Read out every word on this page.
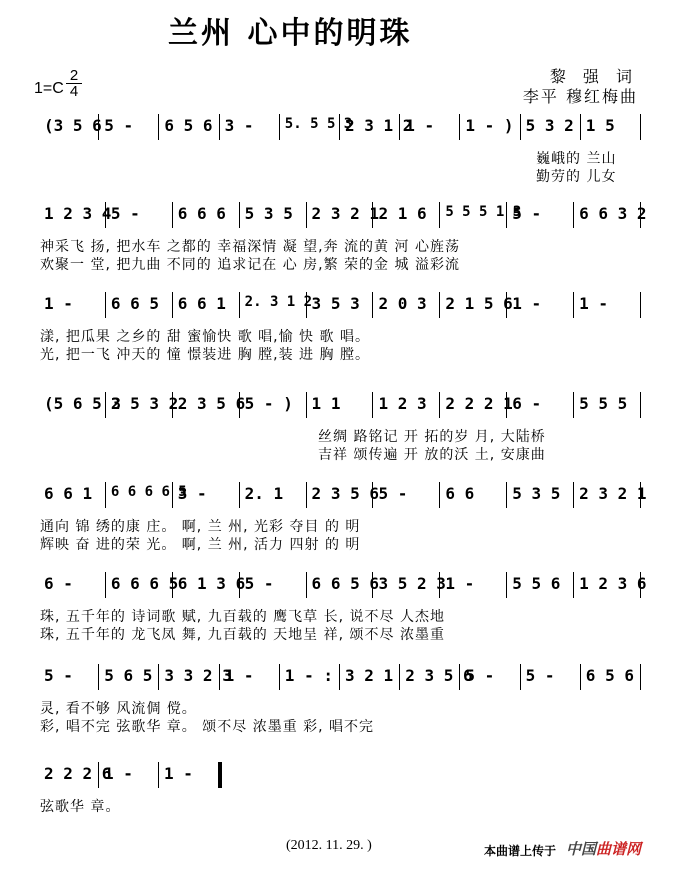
兰州 心中的明珠
1=C
2
4
黎 强 词
李平 穆红梅曲
(3 5 6 5 -	6 5 6 3 -	5. 5 5 3
2 3 1 2
1 -	1 - ) 5 3 2 1 5
巍峨的 兰山
勤劳的 儿女
1 2 3 4 5 -	6 6 6	5 3 5	2 3 2 1 2 1 6	5 5 5 1 3
5 -	6 6 3 2
神采飞 扬, 把水车 之都的 幸福深情 凝 望,奔 流的黄 河 心旌荡
欢聚一 堂, 把九曲 不同的 追求记在 心 房,繁 荣的金 城 溢彩流
1 -	6 6 5	6 6 1	2. 3 1 2 3 5 3	2 0 3	2 1 5 6 1 -	1 -
漾, 把瓜果 之乡的 甜 蜜愉快 歌 唱,愉 快 歌 唱。
光, 把一飞 冲天的 憧 憬装进 胸 膛,装 进 胸 膛。
(5 6 5 3
2 5 3 2 2 3 5 6 5 - )	1 1	1 2 3	2 2 2 1 6 -	5 5 5
丝绸 路铭记 开 拓的岁 月, 大陆桥
吉祥 颂传遍 开 放的沃 土, 安康曲
6 6 1	6 6 6 6 5
3 -	2. 1	2 3 5 6 5 -	6 6	5 3 5	2 3 2 1
通向 锦 绣的康 庄。 啊, 兰 州, 光彩 夺目 的 明
辉映 奋 进的荣 光。 啊, 兰 州, 活力 四射 的 明
6 -	6 6 6 5 6 1 3 6 5 -	6 6 5 6 3 5 2 3 1 -	5 5 6	1 2 3 6
珠, 五千年的 诗词歌 赋, 九百载的 鹰飞草 长, 说不尽 人杰地
珠, 五千年的 龙飞凤 舞, 九百载的 天地呈 祥, 颂不尽 浓墨重
5 -	5 6 5 3 3 2 3
1 -	1 - : 3 2 1 2 3 5 6
5 -	5 -	6 5 6
灵, 看不够 风流倜 傥。
彩, 唱不完 弦歌华 章。 颂不尽 浓墨重 彩, 唱不完
2 2 2 6
1 -	1 -
弦歌华 章。
(2012. 11. 29. )	本曲谱上传于 中国曲谱网
